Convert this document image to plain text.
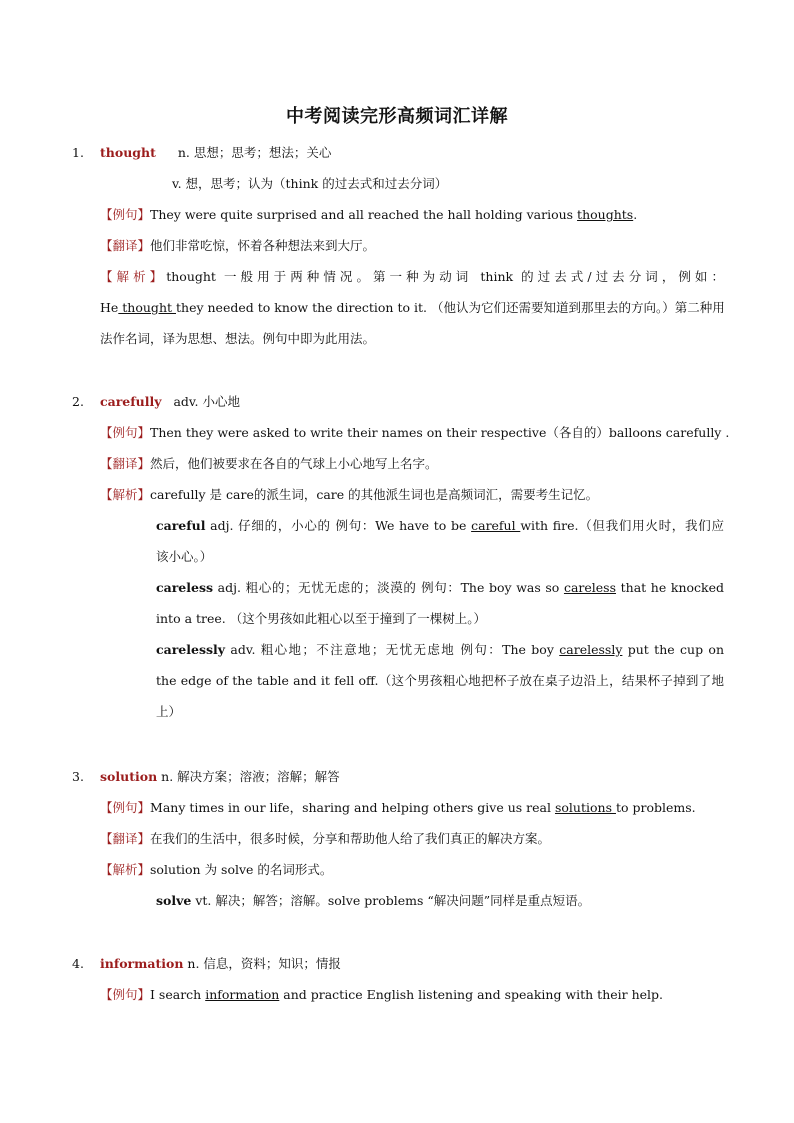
中考阅读完形高频词汇详解
1. thought n. 思想；思考；想法；关心
v. 想，思考；认为（think 的过去式和过去分词）
【例句】They were quite surprised and all reached the hall holding various thoughts.
【翻译】他们非常吃惊，怀着各种想法来到大厅。
【解析】thought 一般用于两种情况。第一种为动词 think 的过去式/过去分词，例如：
He thought they needed to know the direction to it. （他认为它们还需要知道到那里去的方向。）第二种用
法作名词，译为思想、想法。例句中即为此用法。
2. carefully adv. 小心地
【例句】Then they were asked to write their names on their respective（各自的）balloons carefully .
【翻译】然后，他们被要求在各自的气球上小心地写上名字。
【解析】carefully 是 care的派生词，care 的其他派生词也是高频词汇，需要考生记忆。
careful adj. 仔细的，小心的 例句：We have to be careful with fire.（但我们用火时，我们应
该小心。）
careless adj. 粗心的；无忧无虑的；淡漠的 例句：The boy was so careless that he knocked
into a tree. （这个男孩如此粗心以至于撞到了一棵树上。）
carelessly adv. 粗心地；不注意地；无忧无虑地 例句：The boy carelessly put the cup on
the edge of the table and it fell off.（这个男孩粗心地把杯子放在桌子边沿上，结果杯子掉到了地
上）
3. solution n. 解决方案；溶液；溶解；解答
【例句】Many times in our life，sharing and helping others give us real solutions to problems.
【翻译】在我们的生活中，很多时候，分享和帮助他人给了我们真正的解决方案。
【解析】solution 为 solve 的名词形式。
solve vt. 解决；解答；溶解。solve problems “解决问题”同样是重点短语。
4. information n. 信息，资料；知识；情报
【例句】I search information and practice English listening and speaking with their help.
